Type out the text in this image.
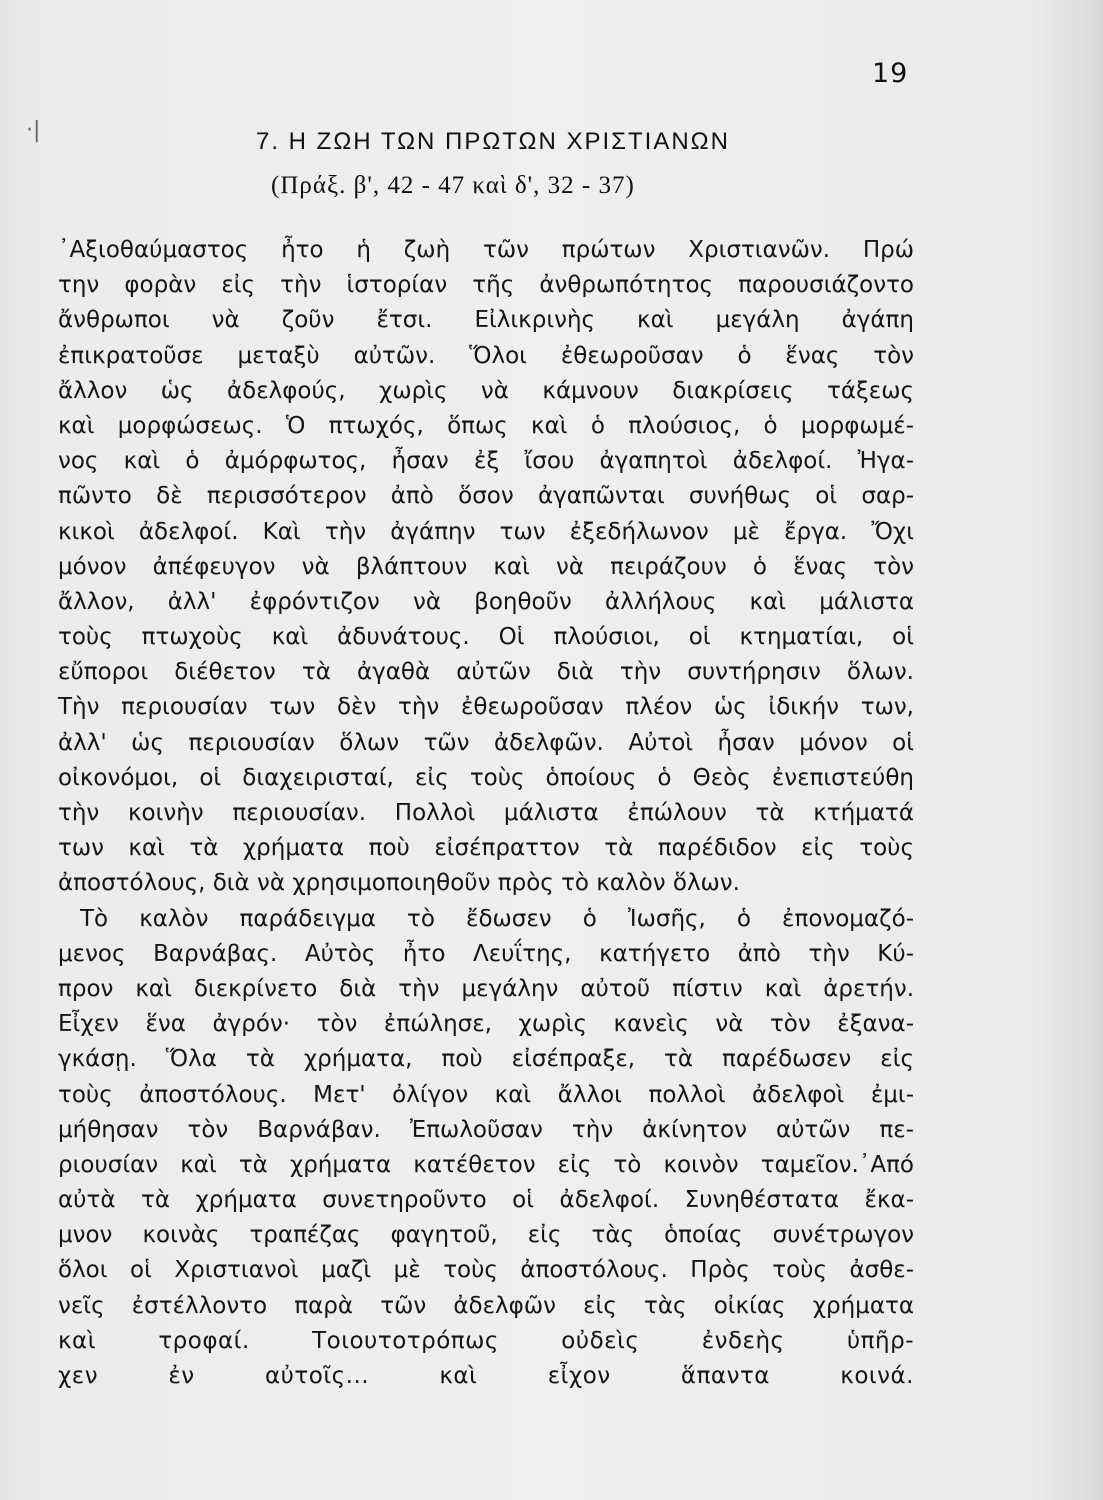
·|
19
7. Η ΖΩΗ ΤΩΝ ΠΡΩΤΩΝ ΧΡΙΣΤΙΑΝΩΝ
(Πράξ. β', 42 - 47 καὶ δ', 32 - 37)
᾿Αξιοθαύμαστος ἦτο ἡ ζωὴ τῶν πρώτων Χριστιανῶν. Πρώ
την φορὰν εἰς τὴν ἱστορίαν τῆς ἀνθρωπότητος παρουσιάζοντο
ἄνθρωποι νὰ ζοῦν ἔτσι. Εἰλικρινὴς καὶ μεγάλη ἀγάπη
ἐπικρατοῦσε μεταξὺ αὐτῶν. Ὅλοι ἐθεωροῦσαν ὁ ἕνας τὸν
ἄλλον ὡς ἀδελφούς, χωρὶς νὰ κάμνουν διακρίσεις τάξεως
καὶ μορφώσεως. Ὁ πτωχός, ὅπως καὶ ὁ πλούσιος, ὁ μορφωμέ-
νος καὶ ὁ ἀμόρφωτος, ἦσαν ἐξ ἴσου ἀγαπητοὶ ἀδελφοί. Ἠγα-
πῶντο δὲ περισσότερον ἀπὸ ὅσον ἀγαπῶνται συνήθως οἱ σαρ-
κικοὶ ἀδελφοί. Καὶ τὴν ἀγάπην των ἐξεδήλωνον μὲ ἔργα. Ὄχι
μόνον ἀπέφευγον νὰ βλάπτουν καὶ νὰ πειράζουν ὁ ἕνας τὸν
ἄλλον, ἀλλ' ἐφρόντιζον νὰ βοηθοῦν ἀλλήλους καὶ μάλιστα
τοὺς πτωχοὺς καὶ ἀδυνάτους. Οἱ πλούσιοι, οἱ κτηματίαι, οἱ
εὔποροι διέθετον τὰ ἀγαθὰ αὐτῶν διὰ τὴν συντήρησιν ὅλων.
Τὴν περιουσίαν των δὲν τὴν ἐθεωροῦσαν πλέον ὡς ἰδικήν των,
ἀλλ' ὡς περιουσίαν ὅλων τῶν ἀδελφῶν. Αὐτοὶ ἦσαν μόνον οἱ
οἰκονόμοι, οἱ διαχειρισταί, εἰς τοὺς ὁποίους ὁ Θεὸς ἐνεπιστεύθη
τὴν κοινὴν περιουσίαν. Πολλοὶ μάλιστα ἐπώλουν τὰ κτήματά
των καὶ τὰ χρήματα ποὺ εἰσέπραττον τὰ παρέδιδον εἰς τοὺς
ἀποστόλους, διὰ νὰ χρησιμοποιηθοῦν πρὸς τὸ καλὸν ὅλων.
Τὸ καλὸν παράδειγμα τὸ ἔδωσεν ὁ Ἰωσῆς, ὁ ἐπονομαζό-
μενος Βαρνάβας. Αὐτὸς ἦτο Λευΐτης, κατήγετο ἀπὸ τὴν Κύ-
προν καὶ διεκρίνετο διὰ τὴν μεγάλην αὐτοῦ πίστιν καὶ ἀρετήν.
Εἶχεν ἕνα ἀγρόν· τὸν ἐπώλησε, χωρὶς κανεὶς νὰ τὸν ἐξανα-
γκάσῃ. Ὅλα τὰ χρήματα, ποὺ εἰσέπραξε, τὰ παρέδωσεν εἰς
τοὺς ἀποστόλους. Μετ' ὀλίγον καὶ ἄλλοι πολλοὶ ἀδελφοὶ ἐμι-
μήθησαν τὸν Βαρνάβαν. Ἐπωλοῦσαν τὴν ἀκίνητον αὐτῶν πε-
ριουσίαν καὶ τὰ χρήματα κατέθετον εἰς τὸ κοινὸν ταμεῖον.᾿Από
αὐτὰ τὰ χρήματα συνετηροῦντο οἱ ἀδελφοί. Συνηθέστατα ἔκα-
μνον κοινὰς τραπέζας φαγητοῦ, εἰς τὰς ὁποίας συνέτρωγον
ὅλοι οἱ Χριστιανοὶ μαζὶ μὲ τοὺς ἀποστόλους. Πρὸς τοὺς ἀσθε-
νεῖς ἐστέλλοντο παρὰ τῶν ἀδελφῶν εἰς τὰς οἰκίας χρήματα
καὶ τροφαί. Τοιουτοτρόπως οὐδεὶς ἐνδεὴς ὑπῆρ-
χεν ἐν αὐτοῖς... καὶ εἶχον ἅπαντα κοινά.
